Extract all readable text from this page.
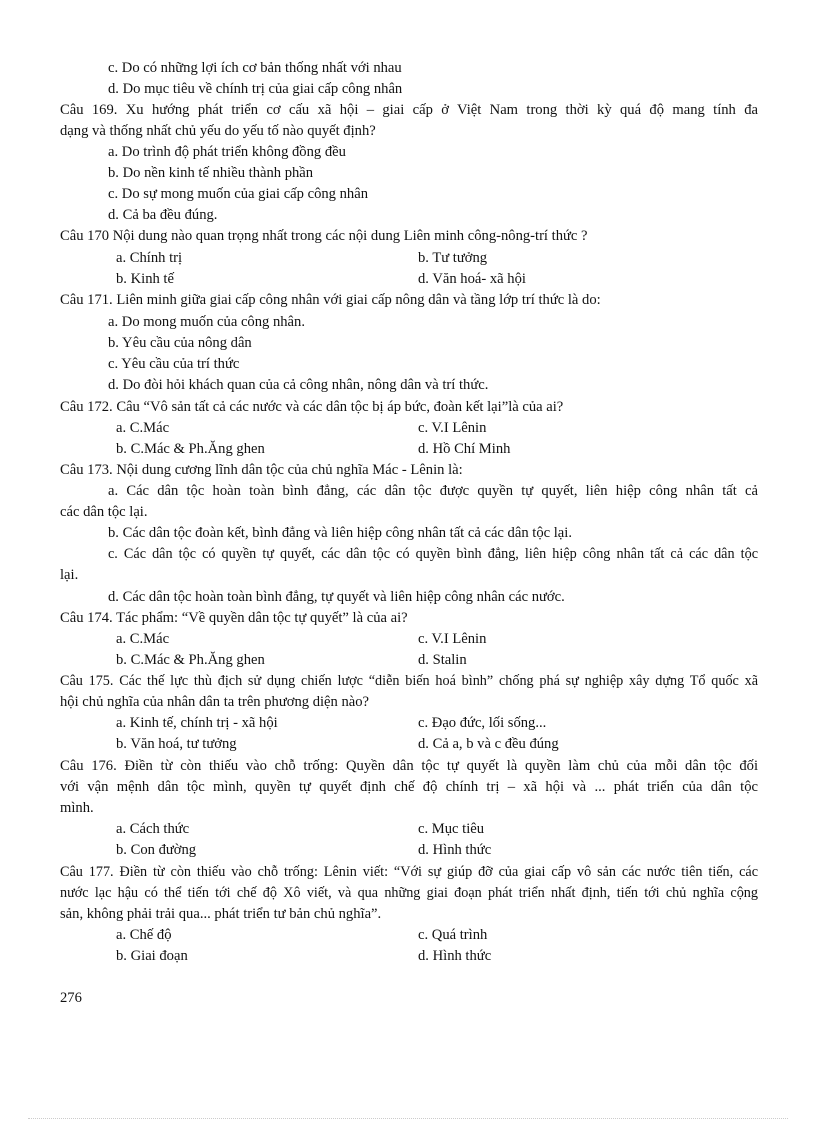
c. Do có những lợi ích cơ bản thống nhất với nhau
d. Do mục tiêu về chính trị của giai cấp công nhân
Câu 169. Xu hướng phát triển cơ cấu xã hội – giai cấp ở Việt Nam trong thời kỳ quá độ mang tính đa
dạng và thống nhất chủ yếu do yếu tố nào quyết định?
a. Do trình độ phát triển không đồng đều
b. Do nền kinh tế nhiều thành phần
c. Do sự mong muốn của giai cấp công nhân
d. Cả ba đều đúng.
Câu 170 Nội dung nào quan trọng nhất trong các nội dung Liên minh công-nông-trí thức ?
a. Chính trị	b. Tư tưởng
b. Kinh tế	d. Văn hoá- xã hội
Câu 171. Liên minh giữa giai cấp công nhân với giai cấp nông dân và tầng lớp trí thức là do:
a. Do mong muốn của công nhân.
b. Yêu cầu của nông dân
c. Yêu cầu của trí thức
d. Do đòi hỏi khách quan của cả công nhân, nông dân và trí thức.
Câu 172. Câu “Vô sản tất cả các nước và các dân tộc bị áp bức, đoàn kết lại”là của ai?
a. C.Mác	c. V.I Lênin
b. C.Mác & Ph.Ăng ghen	d. Hồ Chí Minh
Câu 173. Nội dung cương lĩnh dân tộc của chủ nghĩa Mác - Lênin là:
a. Các dân tộc hoàn toàn bình đẳng, các dân tộc được quyền tự quyết, liên hiệp công nhân tất cả
các dân tộc lại.
b. Các dân tộc đoàn kết, bình đẳng và liên hiệp công nhân tất cả các dân tộc lại.
c. Các dân tộc có quyền tự quyết, các dân tộc có quyền bình đẳng, liên hiệp công nhân tất cả các dân tộc
lại.
d. Các dân tộc hoàn toàn bình đẳng, tự quyết và liên hiệp công nhân các nước.
Câu 174. Tác phẩm: “Về quyền dân tộc tự quyết” là của ai?
a. C.Mác	c. V.I Lênin
b. C.Mác & Ph.Ăng ghen	d. Stalin
Câu 175. Các thế lực thù địch sử dụng chiến lược “diễn biến hoá bình” chống phá sự nghiệp xây dựng Tổ quốc xã
hội chủ nghĩa của nhân dân ta trên phương diện nào?
a. Kinh tế, chính trị - xã hội	c. Đạo đức, lối sống...
b. Văn hoá, tư tưởng	d. Cả a, b và c đều đúng
Câu 176. Điền từ còn thiếu vào chỗ trống: Quyền dân tộc tự quyết là quyền làm chủ của mỗi dân tộc đối
với vận mệnh dân tộc mình, quyền tự quyết định chế độ chính trị – xã hội và ... phát triển của dân tộc
mình.
a. Cách thức	c. Mục tiêu
b. Con đường	d. Hình thức
Câu 177. Điền từ còn thiếu vào chỗ trống: Lênin viết: “Với sự giúp đỡ của giai cấp vô sản các nước tiên tiến, các
nước lạc hậu có thể tiến tới chế độ Xô viết, và qua những giai đoạn phát triển nhất định, tiến tới chủ nghĩa cộng
sản, không phải trải qua... phát triển tư bản chủ nghĩa”.
a. Chế độ	c. Quá trình
b. Giai đoạn	d. Hình thức
276
